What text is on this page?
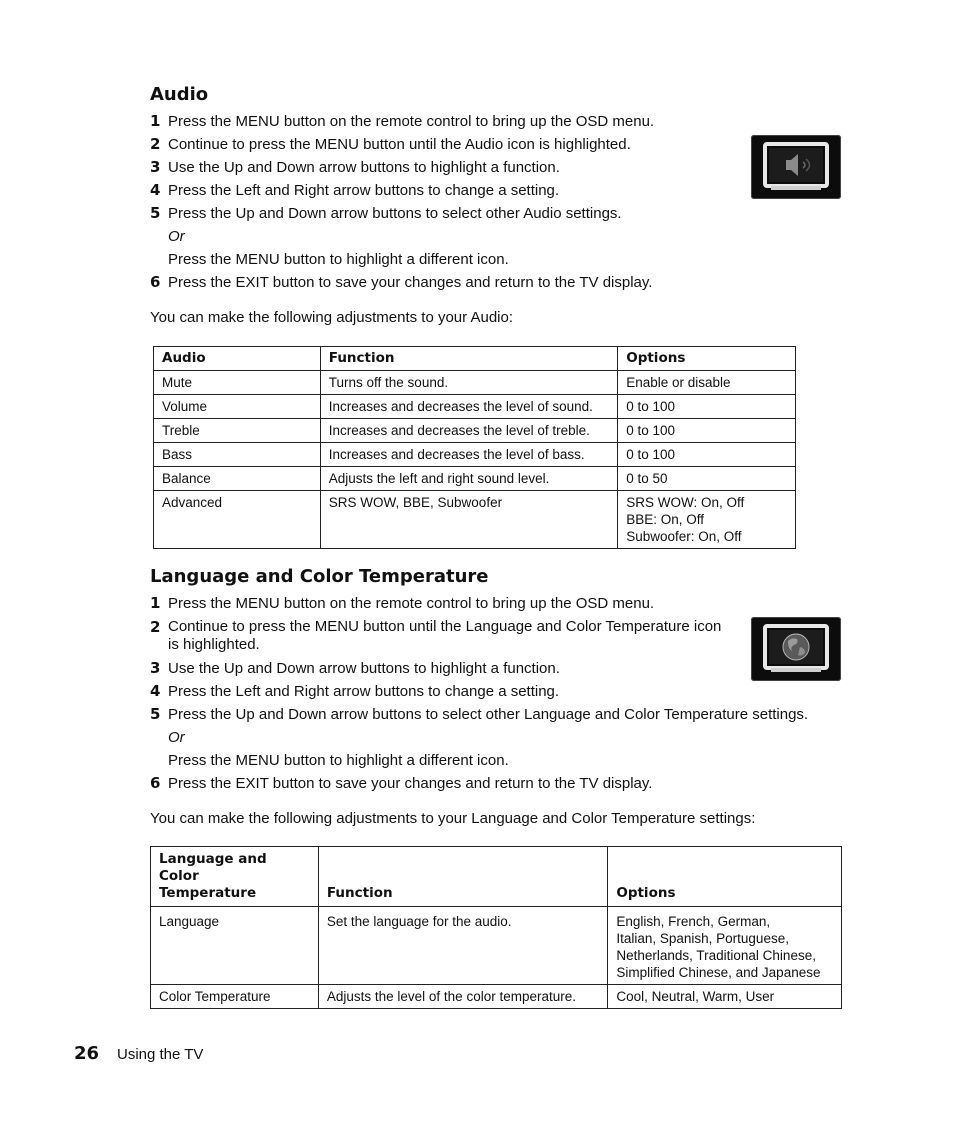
Audio
1 Press the MENU button on the remote control to bring up the OSD menu.
2 Continue to press the MENU button until the Audio icon is highlighted.
3 Use the Up and Down arrow buttons to highlight a function.
4 Press the Left and Right arrow buttons to change a setting.
5 Press the Up and Down arrow buttons to select other Audio settings.
Or
Press the MENU button to highlight a different icon.
6 Press the EXIT button to save your changes and return to the TV display.

You can make the following adjustments to your Audio:

Audio	Function	Options
Mute	Turns off the sound.	Enable or disable
Volume	Increases and decreases the level of sound.	0 to 100
Treble	Increases and decreases the level of treble.	0 to 100
Bass	Increases and decreases the level of bass.	0 to 100
Balance	Adjusts the left and right sound level.	0 to 50
Advanced	SRS WOW, BBE, Subwoofer	SRS WOW: On, Off
BBE: On, Off
Subwoofer: On, Off
Language and Color Temperature
1 Press the MENU button on the remote control to bring up the OSD menu.
2 Continue to press the MENU button until the Language and Color Temperature icon
is highlighted.
3 Use the Up and Down arrow buttons to highlight a function.
4 Press the Left and Right arrow buttons to change a setting.
5 Press the Up and Down arrow buttons to select other Language and Color Temperature settings.
Or
Press the MENU button to highlight a different icon.
6 Press the EXIT button to save your changes and return to the TV display.

You can make the following adjustments to your Language and Color Temperature settings:

Language and Color
Temperature	Function	Options
Language	Set the language for the audio.	English, French, German,
Italian, Spanish, Portuguese,
Netherlands, Traditional Chinese,
Simplified Chinese, and Japanese

Color Temperature	Adjusts the level of the color temperature.	Cool, Neutral, Warm, User
26 Using the TV
